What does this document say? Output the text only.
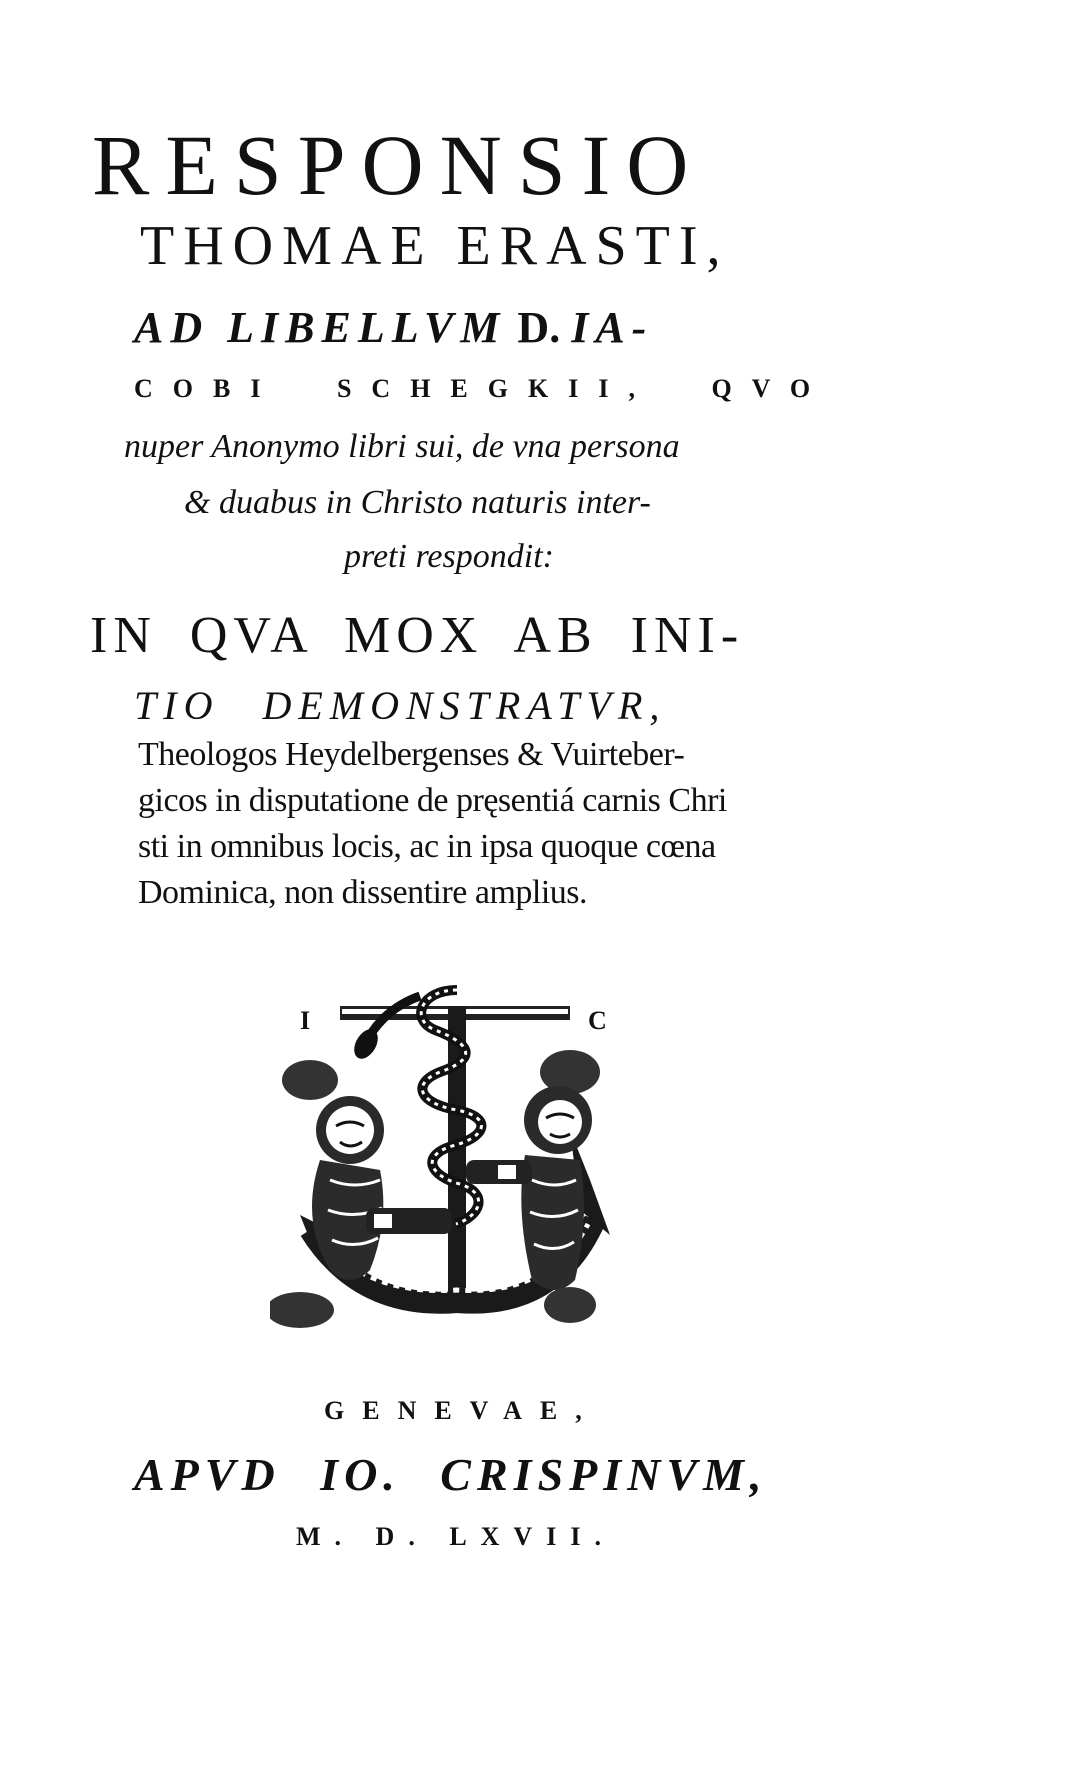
RESPONSIO
THOMAE ERASTI,
AD LIBELLVM D. IA-
COBI SCHEGKII, QVO
nuper Anonymo libri sui, de vna persona
& duabus in Christo naturis inter-
preti respondit:
IN QVA MOX AB INI-
TIO DEMONSTRATVR,
Theologos Heydelbergenses & Vuirteber-
gicos in disputatione de pręsentiá carnis Chri
sti in omnibus locis, ac in ipsa quoque cœna
Dominica, non dissentire amplius.
I	C
GENEVAE,
APVD IO. CRISPINVM,
M. D. LXVII.
